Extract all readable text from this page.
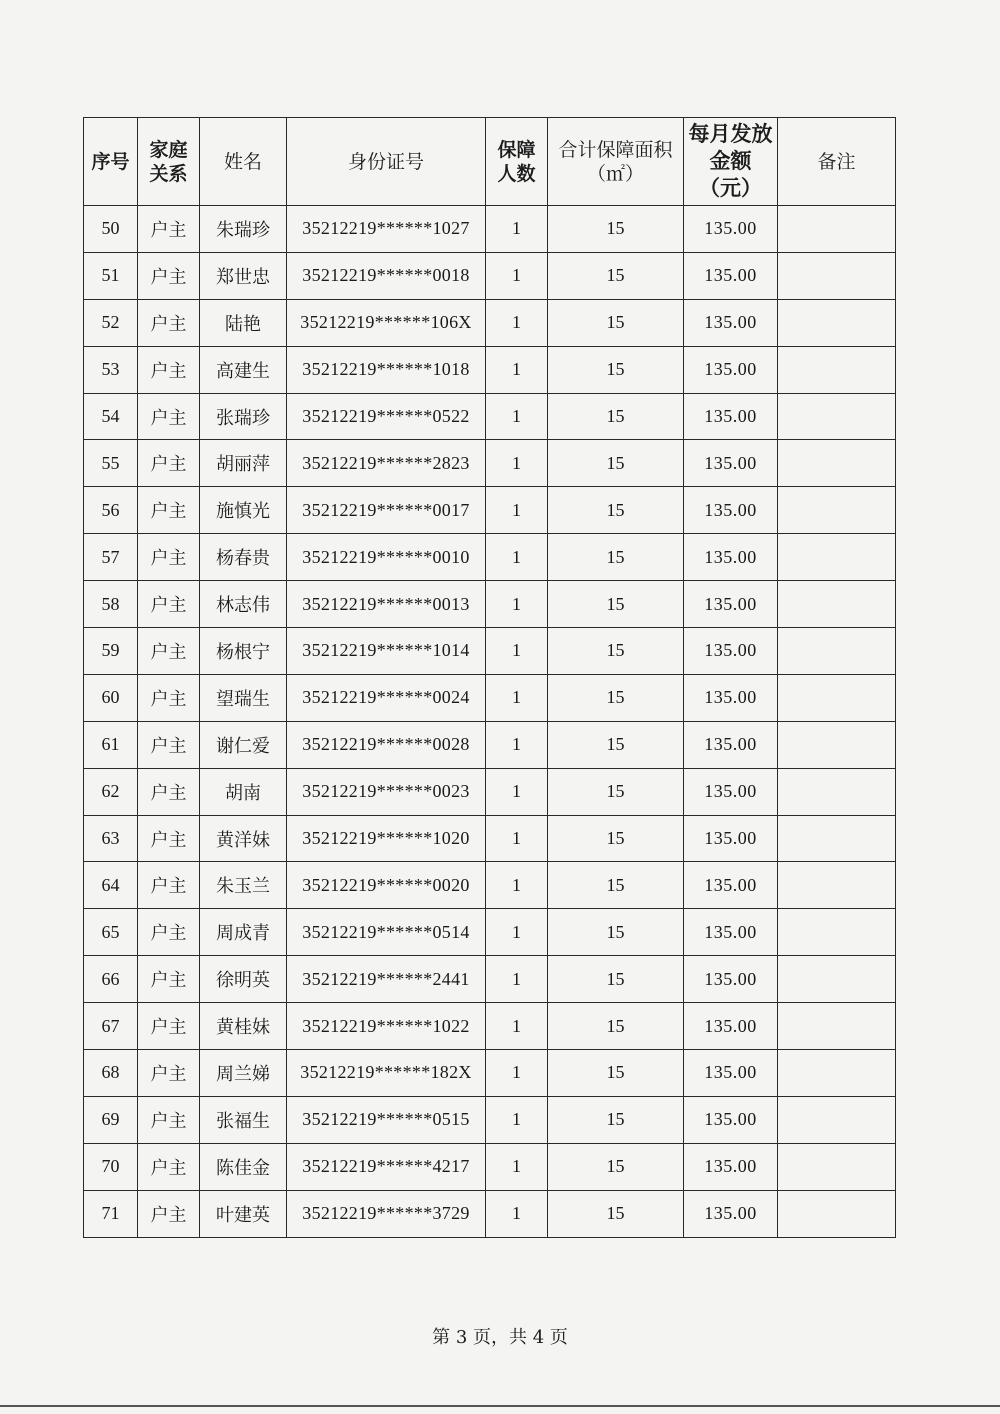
序号	家庭关系	姓名	身份证号	保障人数	合计保障面积（㎡）	每月发放金额（元）	备注
50	户主	朱瑞珍	35212219******1027	1	15	135.00	
51	户主	郑世忠	35212219******0018	1	15	135.00	
52	户主	陆艳	35212219******106X	1	15	135.00	
53	户主	高建生	35212219******1018	1	15	135.00	
54	户主	张瑞珍	35212219******0522	1	15	135.00	
55	户主	胡丽萍	35212219******2823	1	15	135.00	
56	户主	施慎光	35212219******0017	1	15	135.00	
57	户主	杨春贵	35212219******0010	1	15	135.00	
58	户主	林志伟	35212219******0013	1	15	135.00	
59	户主	杨根宁	35212219******1014	1	15	135.00	
60	户主	望瑞生	35212219******0024	1	15	135.00	
61	户主	谢仁爱	35212219******0028	1	15	135.00	
62	户主	胡南	35212219******0023	1	15	135.00	
63	户主	黄洋妹	35212219******1020	1	15	135.00	
64	户主	朱玉兰	35212219******0020	1	15	135.00	
65	户主	周成青	35212219******0514	1	15	135.00	
66	户主	徐明英	35212219******2441	1	15	135.00	
67	户主	黄桂妹	35212219******1022	1	15	135.00	
68	户主	周兰娣	35212219******182X	1	15	135.00	
69	户主	张福生	35212219******0515	1	15	135.00	
70	户主	陈佳金	35212219******4217	1	15	135.00	
71	户主	叶建英	35212219******3729	1	15	135.00	
第 3 页，共 4 页
